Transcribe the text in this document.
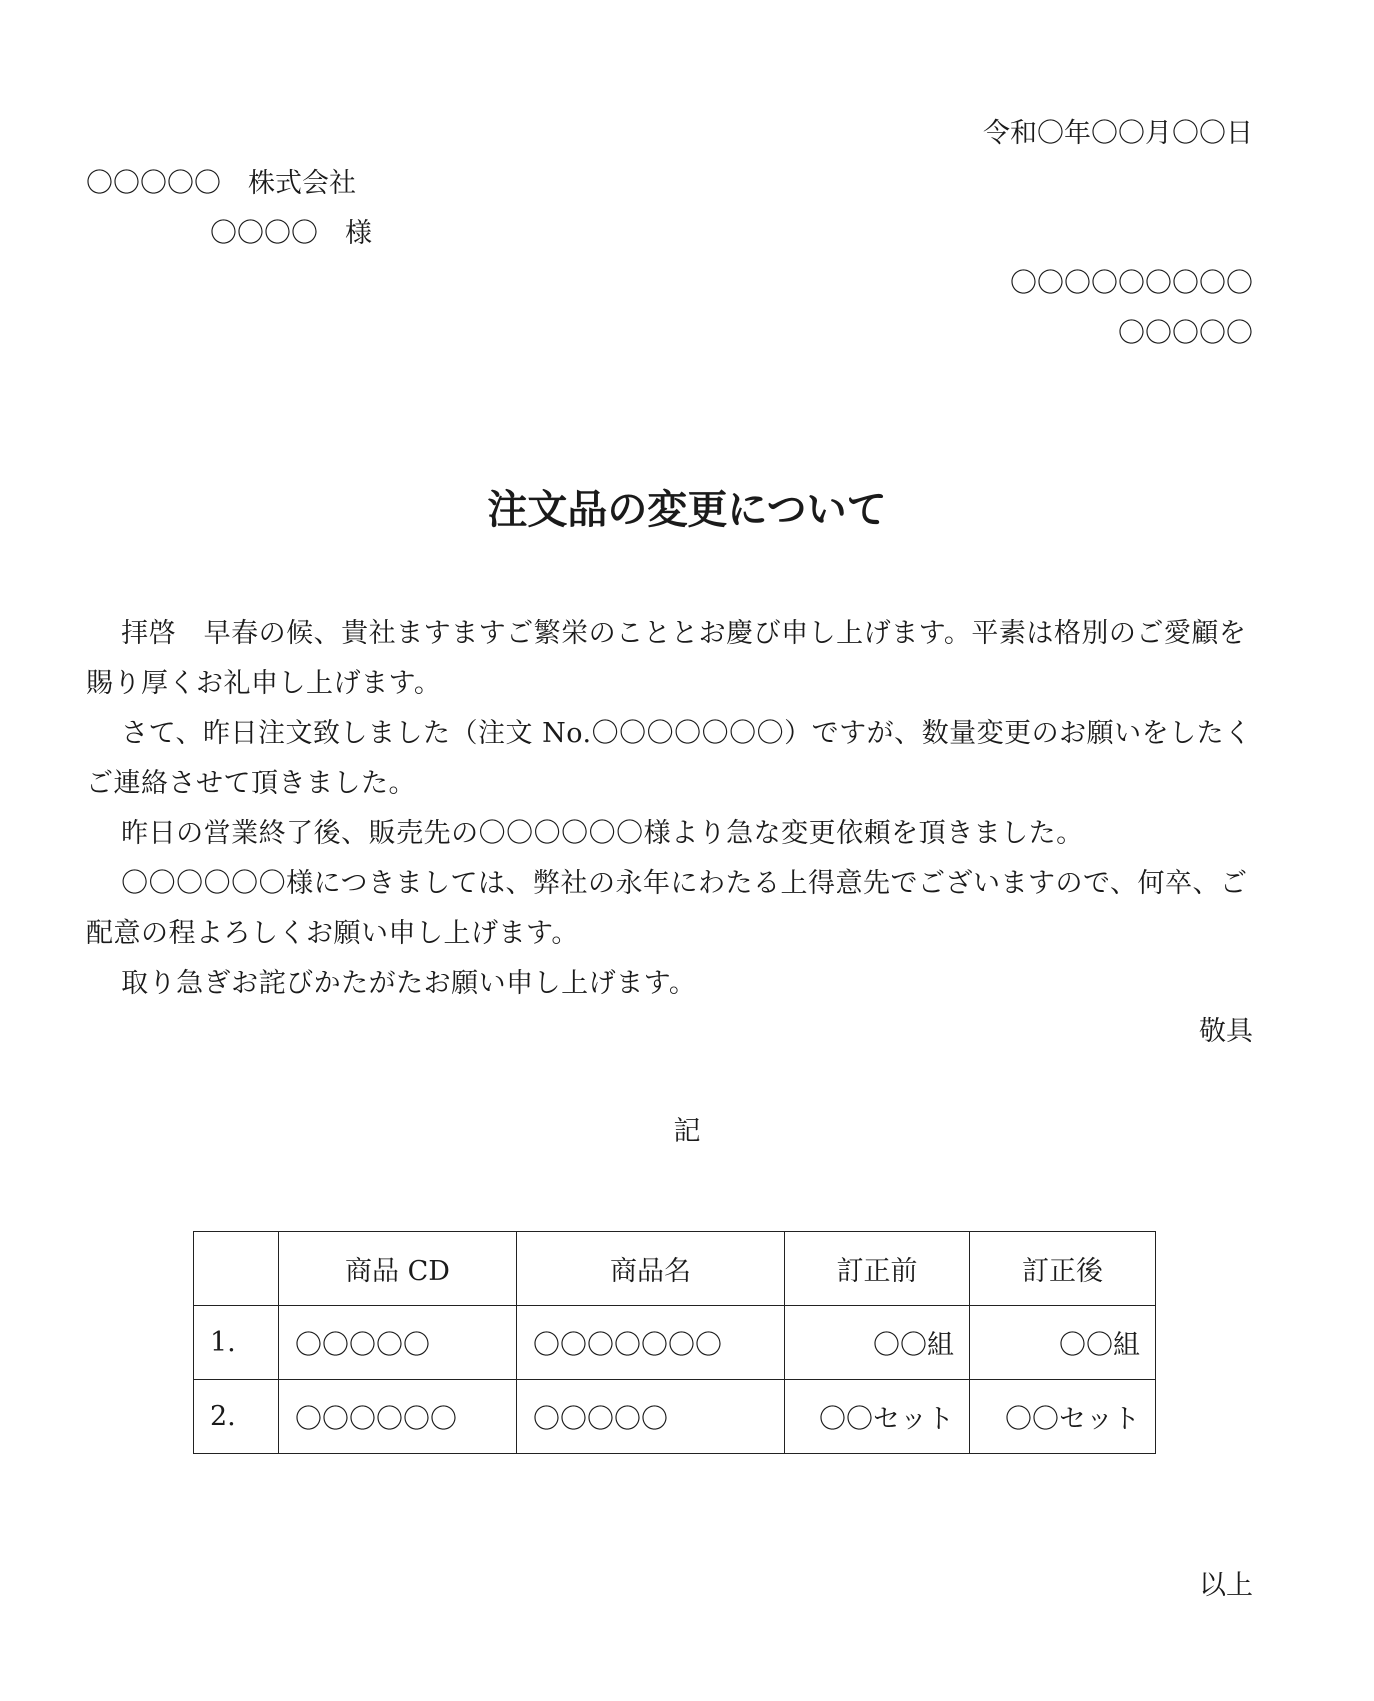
令和〇年〇〇月〇〇日
〇〇〇〇〇　株式会社
〇〇〇〇　様
〇〇〇〇〇〇〇〇〇
〇〇〇〇〇
注文品の変更について

拝啓　早春の候、貴社ますますご繁栄のこととお慶び申し上げます。平素は格別のご愛顧を賜り厚くお礼申し上げます。

さて、昨日注文致しました（注文 No.〇〇〇〇〇〇〇）ですが、数量変更のお願いをしたくご連絡させて頂きました。

昨日の営業終了後、販売先の〇〇〇〇〇〇様より急な変更依頼を頂きました。

〇〇〇〇〇〇様につきましては、弊社の永年にわたる上得意先でございますので、何卒、ご配意の程よろしくお願い申し上げます。

取り急ぎお詫びかたがたお願い申し上げます。

敬具
記
	商品 CD	商品名	訂正前	訂正後
1.	〇〇〇〇〇	〇〇〇〇〇〇〇	〇〇組	〇〇組
2.	〇〇〇〇〇〇	〇〇〇〇〇	〇〇セット	〇〇セット
以上
